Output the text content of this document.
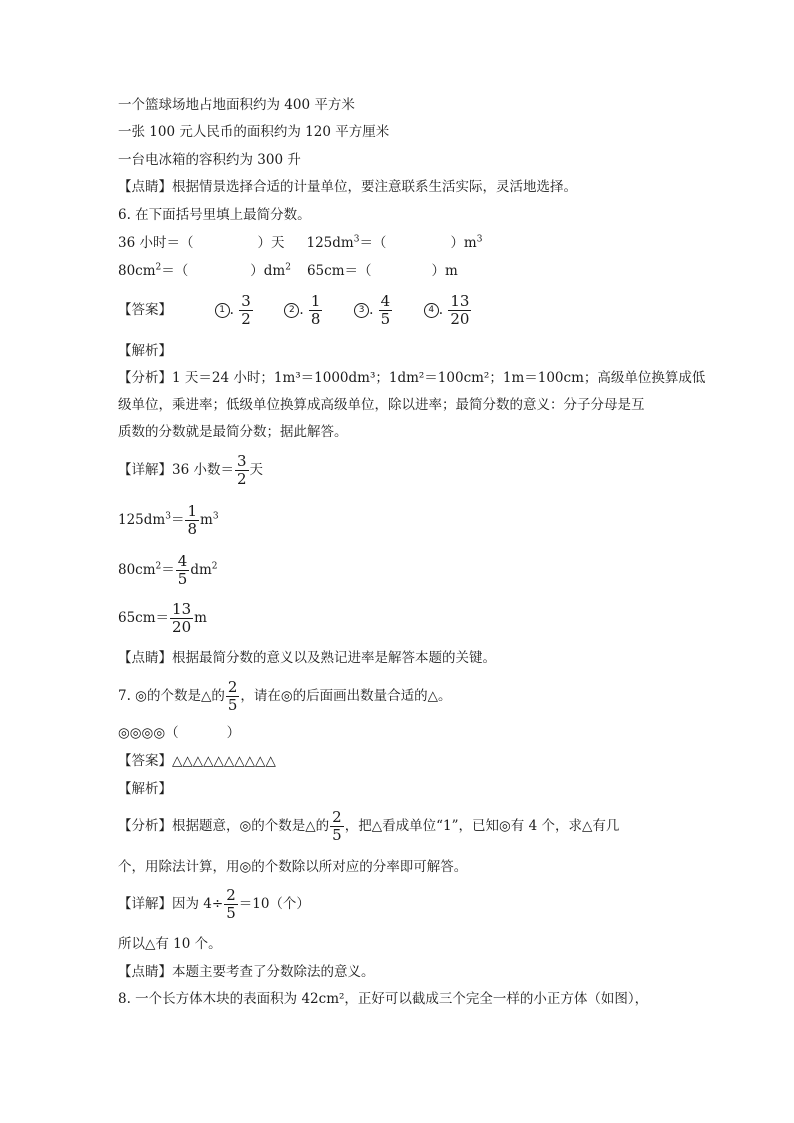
一个篮球场地占地面积约为 400 平方米
一张 100 元人民币的面积约为 120 平方厘米
一台电冰箱的容积约为 300 升
【点睛】根据情景选择合适的计量单位，要注意联系生活实际，灵活地选择。
6. 在下面括号里填上最简分数。
36 小时＝（	）天 $125dm^3=$（	）$m^3$
$80cm^2=$（	）$dm^2$ 65cm＝（	）m
【答案】	1 . $\frac{3}{2}$	2 . $\frac{1}{8}$	3 . $\frac{4}{5}$	4 . $\frac{13}{20}$
【解析】
【分析】1 天＝24 小时；1m³＝1000dm³；1dm²＝100cm²；1m＝100cm；高级单位换算成低
级单位，乘进率；低级单位换算成高级单位，除以进率；最简分数的意义：分子分母是互
质数的分数就是最简分数；据此解答。
【详解】36 小数＝ $\frac{3}{2}$ 天
$125dm^3= \frac{1}{8} m^3$
$80cm^2= \frac{4}{5} dm^2$
$65cm= \frac{13}{20}$ m
【点睛】根据最简分数的意义以及熟记进率是解答本题的关键。
7. ◎的个数是△的 $\frac{2}{5}$ ，请在◎的后面画出数量合适的△。
◎◎◎◎（	）
【答案】△△△△△△△△△△
【解析】
【分析】根据题意，◎的个数是△的 $\frac{2}{5}$ ，把△看成单位“1”，已知◎有 4 个，求△有几
个，用除法计算，用◎的个数除以所对应的分率即可解答。
【详解】因为 $4\div \frac{2}{5} =10$（个）
所以△有 10 个。
【点睛】本题主要考查了分数除法的意义。
8. 一个长方体木块的表面积为 42cm²，正好可以截成三个完全一样的小正方体（如图），
